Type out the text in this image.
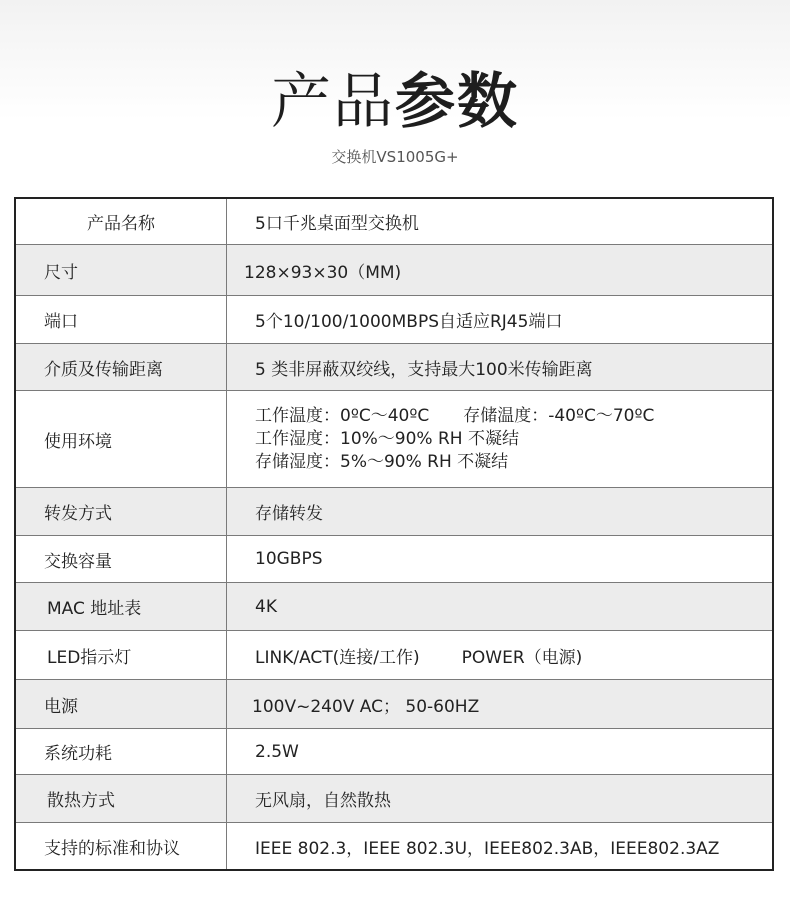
产品参数
交换机VS1005G+
产品名称	5口千兆桌面型交换机
尺寸	128×93×30（MM)
端口	5个10/100/1000MBPS自适应RJ45端口
介质及传输距离	5 类非屏蔽双绞线，支持最大100米传输距离
使用环境
工作温度：0ºC～40ºC 存储温度：-40ºC～70ºC
工作湿度：10%～90% RH 不凝结
存储湿度：5%～90% RH 不凝结
转发方式	存储转发
交换容量	10GBPS
MAC 地址表	4K
LED指示灯	LINK/ACT(连接/工作) POWER（电源)
电源	100V~240V AC； 50-60HZ
系统功耗	2.5W
散热方式	无风扇，自然散热
支持的标准和协议	IEEE 802.3，IEEE 802.3U，IEEE802.3AB，IEEE802.3AZ
